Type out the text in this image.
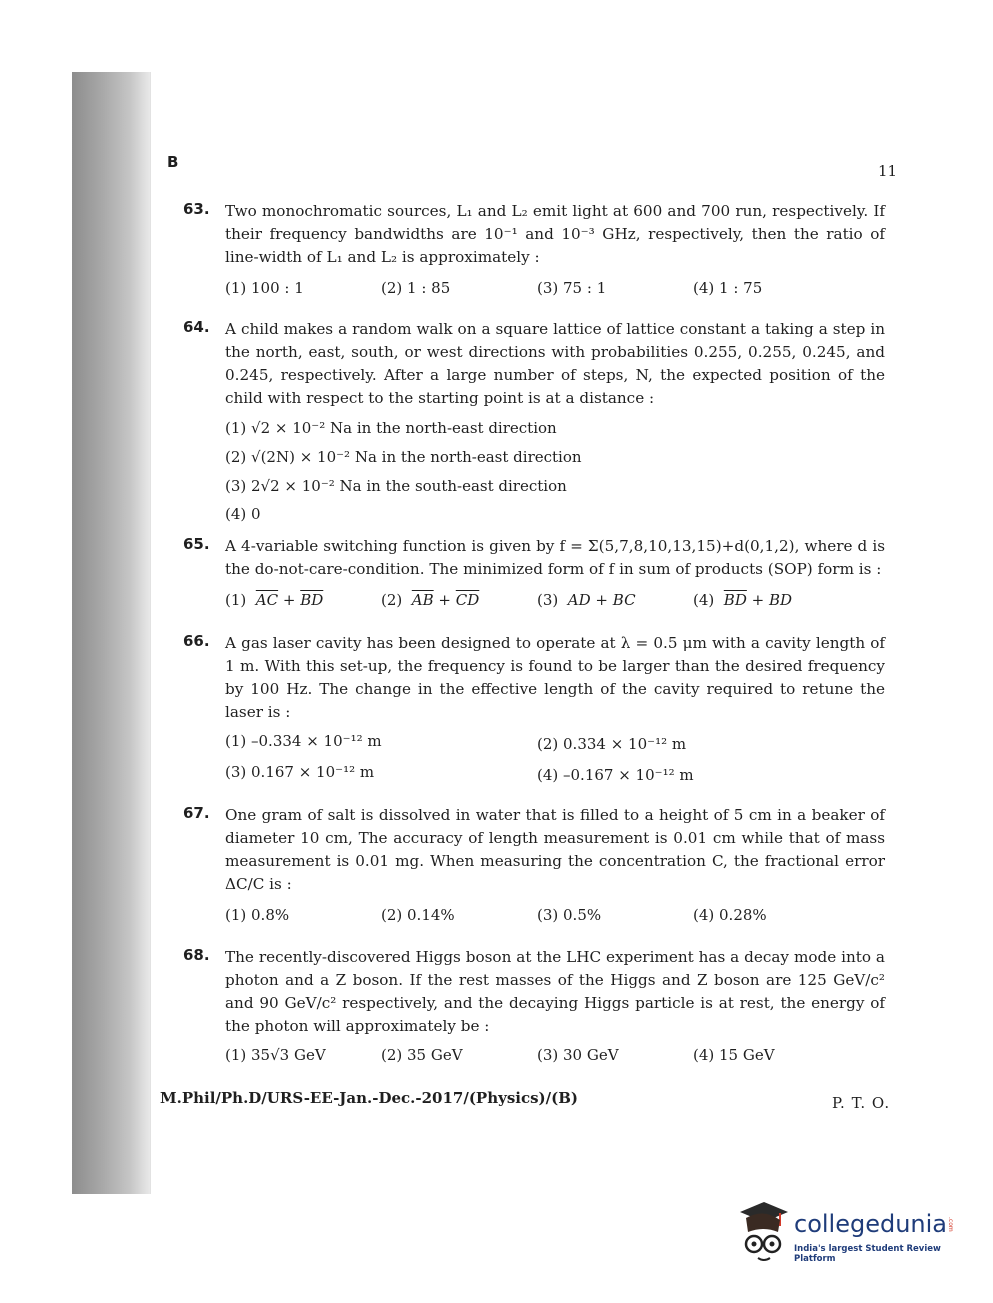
B	11
63. Two monochromatic sources, L₁ and L₂ emit light at 600 and 700 run, respectively. If their frequency bandwidths are 10⁻¹ and 10⁻³ GHz, respectively, then the ratio of line-width of L₁ and L₂ is approximately :
(1) 100 : 1	(2) 1 : 85	(3) 75 : 1	(4) 1 : 75
64. A child makes a random walk on a square lattice of lattice constant a taking a step in the north, east, south, or west directions with probabilities 0.255, 0.255, 0.245, and 0.245, respectively. After a large number of steps, N, the expected position of the child with respect to the starting point is at a distance :
(1) √2 × 10⁻² Na in the north-east direction
(2) √(2N) × 10⁻² Na in the north-east direction
(3) 2√2 × 10⁻² Na in the south-east direction
(4) 0
65. A 4-variable switching function is given by f = Σ(5,7,8,10,13,15)+d(0,1,2), where d is the do-not-care-condition. The minimized form of f in sum of products (SOP) form is :
(1) $\overline{AC} + \overline{BD}$	(2) $\overline{AB} + \overline{CD}$	(3) AD + BC	(4) $\overline{BD}$ + BD
66. A gas laser cavity has been designed to operate at λ = 0.5 μm with a cavity length of 1 m. With this set-up, the frequency is found to be larger than the desired frequency by 100 Hz. The change in the effective length of the cavity required to retune the laser is :
(1) –0.334 × 10⁻¹² m	(2) 0.334 × 10⁻¹² m
(3) 0.167 × 10⁻¹² m	(4) –0.167 × 10⁻¹² m
67. One gram of salt is dissolved in water that is filled to a height of 5 cm in a beaker of diameter 10 cm, The accuracy of length measurement is 0.01 cm while that of mass measurement is 0.01 mg. When measuring the concentration C, the fractional error ΔC/C is :
(1) 0.8%	(2) 0.14%	(3) 0.5%	(4) 0.28%
68. The recently-discovered Higgs boson at the LHC experiment has a decay mode into a photon and a Z boson. If the rest masses of the Higgs and Z boson are 125 GeV/c² and 90 GeV/c² respectively, and the decaying Higgs particle is at rest, the energy of the photon will approximately be :
(1) 35√3 GeV	(2) 35 GeV	(3) 30 GeV	(4) 15 GeV
M.Phil/Ph.D/URS-EE-Jan.-Dec.-2017/(Physics)/(B)	P. T. O.
collegedunia.com
India's largest Student Review Platform
